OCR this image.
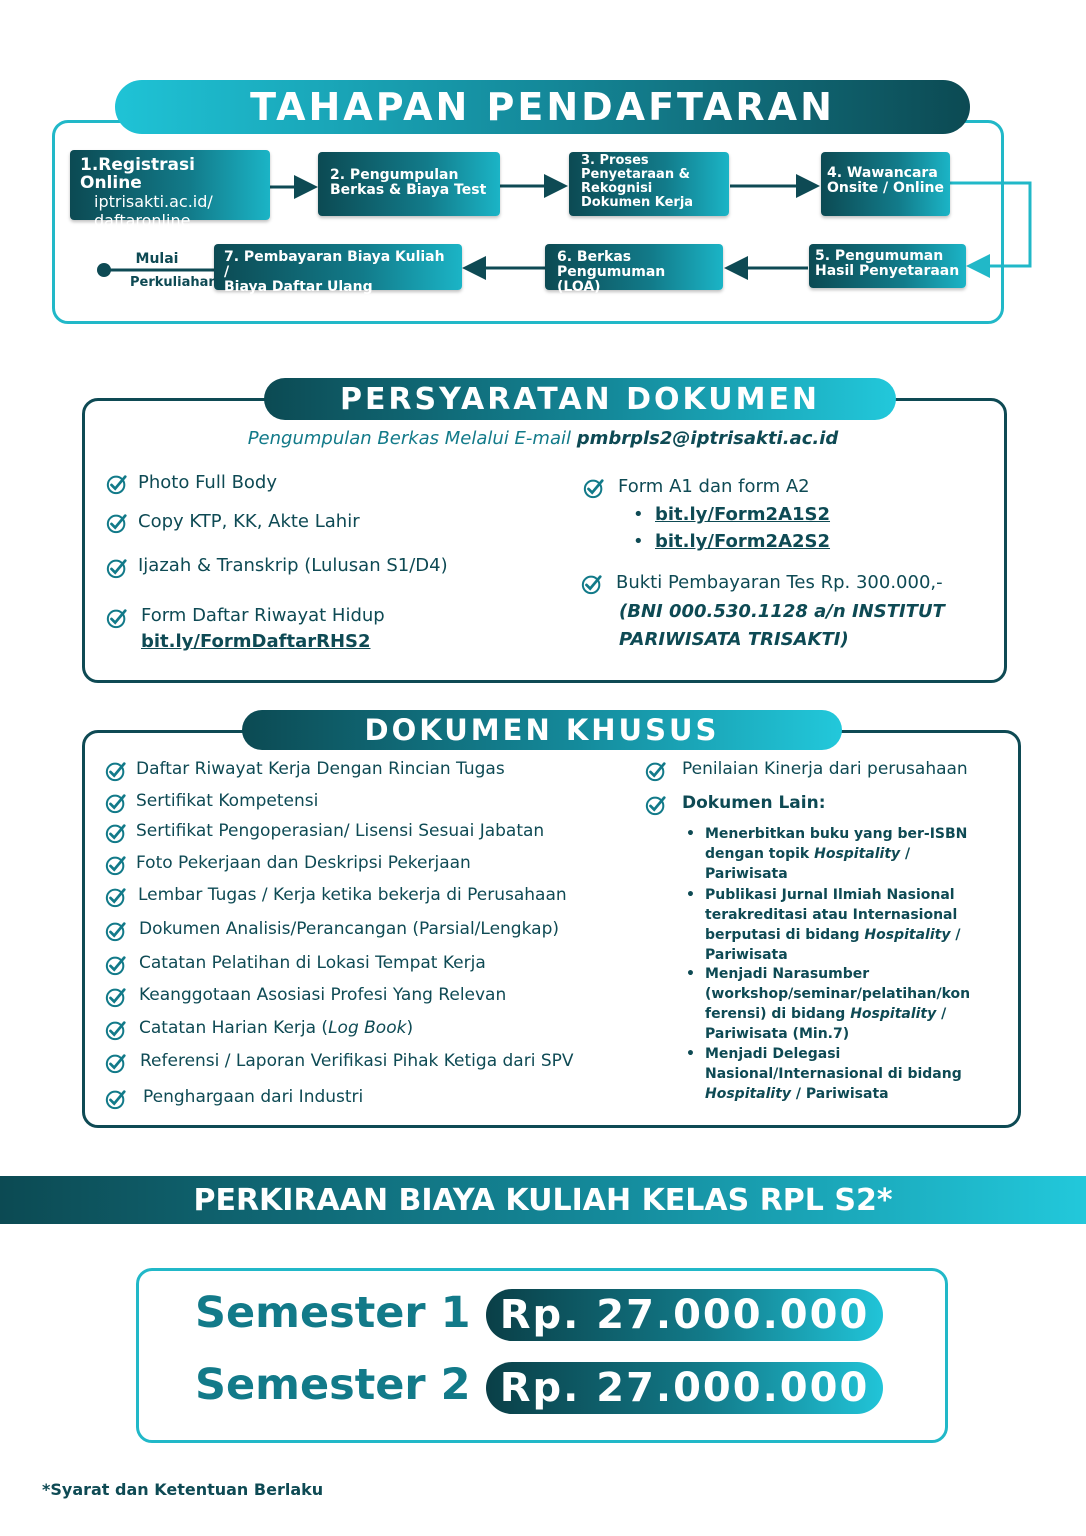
TAHAPAN PENDAFTARAN
1.Registrasi Online
iptrisakti.ac.id/
daftaronline
2. Pengumpulan
Berkas & Biaya Test
3. Proses
Penyetaraan &
Rekognisi
Dokumen Kerja
4. Wawancara
Onsite / Online
5. Pengumuman
Hasil Penyetaraan
6. Berkas
Pengumuman (LOA)
7. Pembayaran Biaya Kuliah /
Biaya Daftar Ulang
Mulai
Perkuliahan
PERSYARATAN DOKUMEN
Pengumpulan Berkas Melalui E-mail pmbrpls2@iptrisakti.ac.id
Photo Full Body
Copy KTP, KK, Akte Lahir
Ijazah & Transkrip (Lulusan S1/D4)
Form Daftar Riwayat Hidup
bit.ly/FormDaftarRHS2
Form A1 dan form A2
• bit.ly/Form2A1S2
• bit.ly/Form2A2S2
Bukti Pembayaran Tes Rp. 300.000,-
(BNI 000.530.1128 a/n INSTITUT
PARIWISATA TRISAKTI)
DOKUMEN KHUSUS
Daftar Riwayat Kerja Dengan Rincian Tugas
Sertifikat Kompetensi
Sertifikat Pengoperasian/ Lisensi Sesuai Jabatan
Foto Pekerjaan dan Deskripsi Pekerjaan
Lembar Tugas / Kerja ketika bekerja di Perusahaan
Dokumen Analisis/Perancangan (Parsial/Lengkap)
Catatan Pelatihan di Lokasi Tempat Kerja
Keanggotaan Asosiasi Profesi Yang Relevan
Catatan Harian Kerja (Log Book)
Referensi / Laporan Verifikasi Pihak Ketiga dari SPV
Penghargaan dari Industri
Penilaian Kinerja dari perusahaan
Dokumen Lain:
• Menerbitkan buku yang ber-ISBN
dengan topik Hospitality /
Pariwisata
• Publikasi Jurnal Ilmiah Nasional
terakreditasi atau Internasional
berputasi di bidang Hospitality /
Pariwisata
• Menjadi Narasumber
(workshop/seminar/pelatihan/kon
ferensi) di bidang Hospitality /
Pariwisata (Min.7)
• Menjadi Delegasi
Nasional/Internasional di bidang
Hospitality / Pariwisata
PERKIRAAN BIAYA KULIAH KELAS RPL S2*
Semester 1 Rp. 27.000.000
Semester 2 Rp. 27.000.000
*Syarat dan Ketentuan Berlaku
